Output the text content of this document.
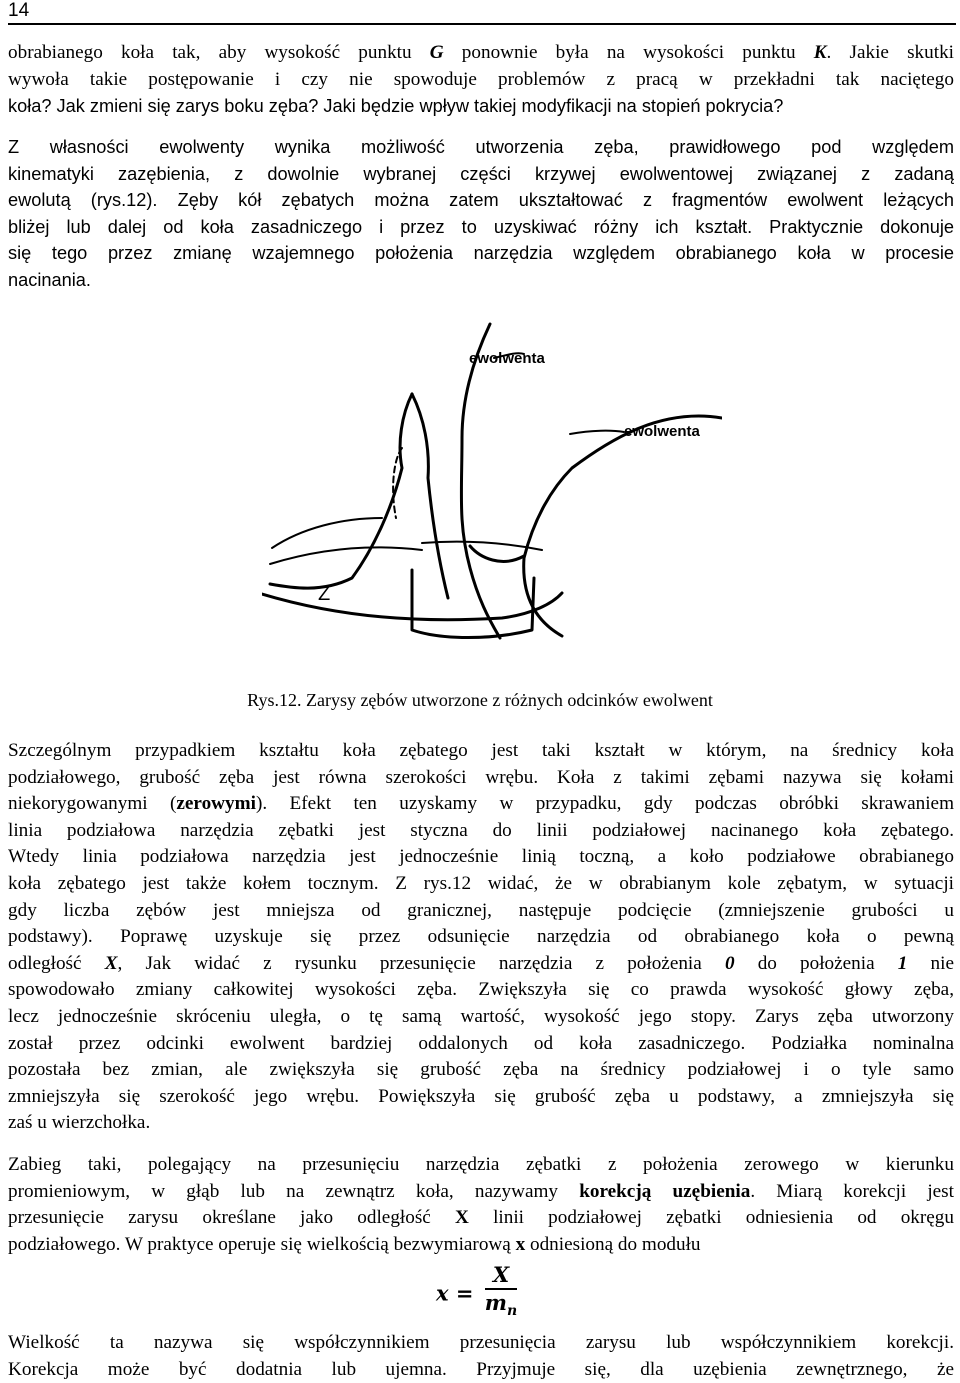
14
obrabianego koła tak, aby wysokość punktu G ponownie była na wysokości punktu K. Jakie skutki
wywoła takie postępowanie i czy nie spowoduje problemów z pracą w przekładni tak naciętego
koła? Jak zmieni się zarys boku zęba? Jaki będzie wpływ takiej modyfikacji na stopień pokrycia?
Z własności ewolwenty wynika możliwość utworzenia zęba, prawidłowego pod względem
kinematyki zazębienia, z dowolnie wybranej części krzywej ewolwentowej związanej z zadaną
ewolutą (rys.12). Zęby kół zębatych można zatem ukształtować z fragmentów ewolwent leżących
bliżej lub dalej od koła zasadniczego i przez to uzyskiwać różny ich kształt. Praktycznie dokonuje
się tego przez zmianę wzajemnego położenia narzędzia względem obrabianego koła w procesie
nacinania.
ewolwenta
ewolwenta
Z
Rys.12. Zarysy zębów utworzone z różnych odcinków ewolwent
Szczególnym przypadkiem kształtu koła zębatego jest taki kształt w którym, na średnicy koła
podziałowego, grubość zęba jest równa szerokości wrębu. Koła z takimi zębami nazywa się kołami
niekorygowanymi (zerowymi). Efekt ten uzyskamy w przypadku, gdy podczas obróbki skrawaniem
linia podziałowa narzędzia zębatki jest styczna do linii podziałowej nacinanego koła zębatego.
Wtedy linia podziałowa narzędzia jest jednocześnie linią toczną, a koło podziałowe obrabianego
koła zębatego jest także kołem tocznym. Z rys.12 widać, że w obrabianym kole zębatym, w sytuacji
gdy liczba zębów jest mniejsza od granicznej, następuje podcięcie (zmniejszenie grubości u
podstawy). Poprawę uzyskuje się przez odsunięcie narzędzia od obrabianego koła o pewną
odległość X, Jak widać z rysunku przesunięcie narzędzia z położenia 0 do położenia 1 nie
spowodowało zmiany całkowitej wysokości zęba. Zwiększyła się co prawda wysokość głowy zęba,
lecz jednocześnie skróceniu uległa, o tę samą wartość, wysokość jego stopy. Zarys zęba utworzony
został przez odcinki ewolwent bardziej oddalonych od koła zasadniczego. Podziałka nominalna
pozostała bez zmian, ale zwiększyła się grubość zęba na średnicy podziałowej i o tyle samo
zmniejszyła się szerokość jego wrębu. Powiększyła się grubość zęba u podstawy, a zmniejszyła się
zaś u wierzchołka.
Zabieg taki, polegający na przesunięciu narzędzia zębatki z położenia zerowego w kierunku
promieniowym, w głąb lub na zewnątrz koła, nazywamy korekcją uzębienia. Miarą korekcji jest
przesunięcie zarysu określane jako odległość X linii podziałowej zębatki odniesienia od okręgu
podziałowego. W praktyce operuje się wielkością bezwymiarową x odniesioną do modułu
$x = \frac{X}{m_n}$
Wielkość ta nazywa się współczynnikiem przesunięcia zarysu lub współczynnikiem korekcji.
Korekcja może być dodatnia lub ujemna. Przyjmuje się, dla uzębienia zewnętrznego, że
